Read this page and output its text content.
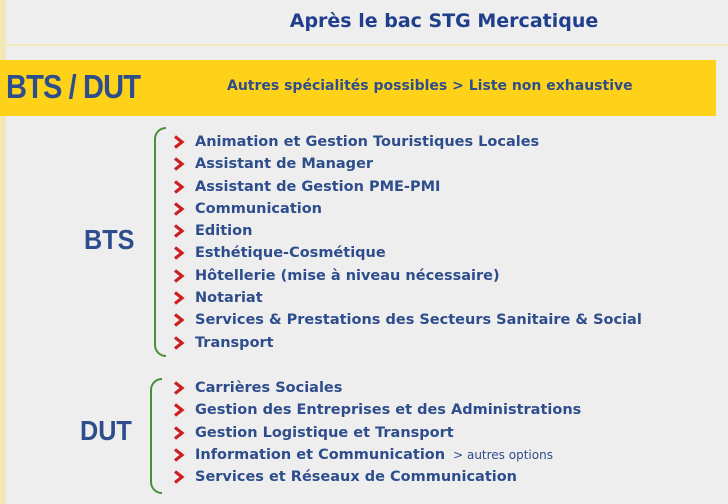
Après le bac STG Mercatique
BTS / DUT	Autres spécialités possibles > Liste non exhaustive
BTS
Animation et Gestion Touristiques Locales
Assistant de Manager
Assistant de Gestion PME-PMI
Communication
Edition
Esthétique-Cosmétique
Hôtellerie (mise à niveau nécessaire)
Notariat
Services & Prestations des Secteurs Sanitaire & Social
Transport
DUT
Carrières Sociales
Gestion des Entreprises et des Administrations
Gestion Logistique et Transport
Information et Communication > autres options
Services et Réseaux de Communication
